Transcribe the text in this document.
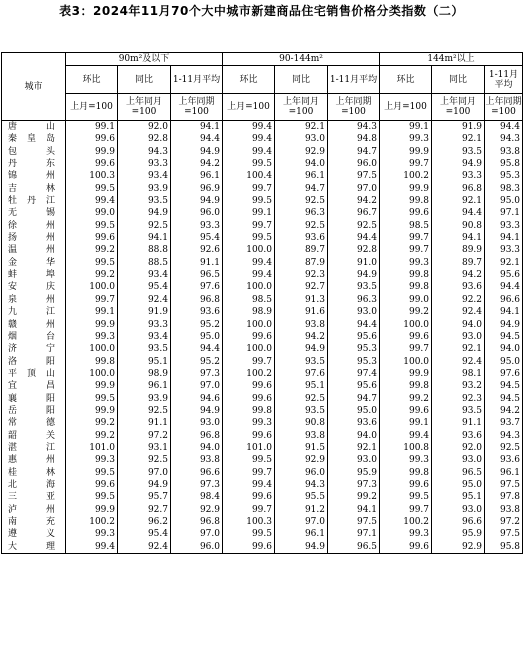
表3：2024年11月70个大中城市新建商品住宅销售价格分类指数（二）
城市	90m²及以下			90-144m²			144m²以上		
	环比	同比	1-11月平均	环比	同比	1-11月平均	环比	同比	1-11月平均
	上月=100	上年同月=100	上年同期=100	上月=100	上年同月=100	上年同期=100	上月=100	上年同月=100	上年同期=100
唐山	99.1	92.0	94.1	99.4	92.1	94.3	99.1	91.9	94.4
秦皇岛	99.6	92.8	94.4	99.4	93.0	94.8	99.3	92.1	94.3
包头	99.9	94.3	94.9	99.4	92.9	94.7	99.9	93.5	93.8
丹东	99.6	93.3	94.2	99.5	94.0	96.0	99.7	94.9	95.8
锦州	100.3	93.4	96.1	100.4	96.1	97.5	100.2	93.3	95.3
吉林	99.5	93.9	96.9	99.7	94.7	97.0	99.9	96.8	98.3
牡丹江	99.4	93.5	94.9	99.5	92.5	94.2	99.8	92.1	95.0
无锡	99.0	94.9	96.0	99.1	96.3	96.7	99.6	94.4	97.1
徐州	99.5	92.5	93.3	99.7	92.5	92.5	98.5	90.8	93.3
扬州	99.6	94.1	95.4	99.5	93.6	94.4	99.7	94.1	94.1
温州	99.2	88.8	92.6	100.0	89.7	92.8	99.7	89.9	93.3
金华	99.5	88.5	91.1	99.4	87.9	91.0	99.3	89.7	92.1
蚌埠	99.2	93.4	96.5	99.4	92.3	94.9	99.8	94.2	95.6
安庆	100.0	95.4	97.6	100.0	92.7	93.5	99.8	93.6	94.4
泉州	99.7	92.4	96.8	98.5	91.3	96.3	99.0	92.2	96.6
九江	99.1	91.9	93.6	98.9	91.6	93.0	99.2	92.4	94.1
赣州	99.9	93.3	95.2	100.0	93.8	94.4	100.0	94.0	94.9
烟台	99.3	93.4	95.0	99.6	94.2	95.6	99.6	93.0	94.5
济宁	100.0	93.5	94.4	100.0	94.9	95.3	99.7	92.1	94.0
洛阳	99.8	95.1	95.2	99.7	93.5	95.3	100.0	92.4	95.0
平顶山	100.0	98.9	97.3	100.2	97.6	97.4	99.9	98.1	97.6
宜昌	99.9	96.1	97.0	99.6	95.1	95.6	99.8	93.2	94.5
襄阳	99.5	93.9	94.6	99.6	92.5	94.7	99.2	92.3	94.5
岳阳	99.9	92.5	94.9	99.8	93.5	95.0	99.6	93.5	94.2
常德	99.2	91.1	93.0	99.3	90.8	93.6	99.1	91.1	93.7
韶关	99.2	97.2	96.8	99.6	93.8	94.0	99.4	93.6	94.3
湛江	101.0	93.1	94.0	101.0	91.5	92.1	100.8	92.0	92.5
惠州	99.3	92.5	93.8	99.5	92.9	93.0	99.3	93.0	93.6
桂林	99.5	97.0	96.6	99.7	96.0	95.9	99.8	96.5	96.1
北海	99.6	94.9	97.3	99.4	94.3	97.3	99.6	95.0	97.5
三亚	99.5	95.7	98.4	99.6	95.5	99.2	99.5	95.1	97.8
泸州	99.9	92.7	92.9	99.7	91.2	94.1	99.7	93.0	93.8
南充	100.2	96.2	96.8	100.3	97.0	97.5	100.2	96.6	97.2
遵义	99.3	95.4	97.0	99.5	96.1	97.1	99.3	95.9	97.5
大理	99.4	92.4	96.0	99.6	94.9	96.5	99.6	92.9	95.8
